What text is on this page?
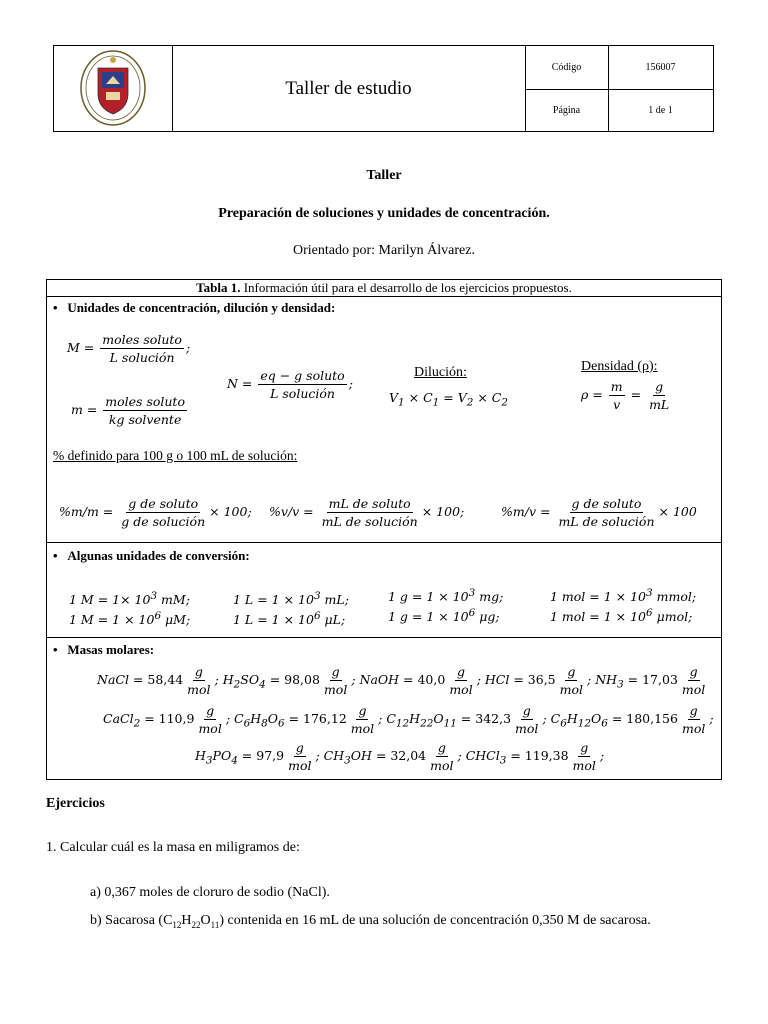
Taller de estudio
Código	156007
Página	1 de 1
Taller
Preparación de soluciones y unidades de concentración.
Orientado por: Marilyn Álvarez.
Tabla 1. Información útil para el desarrollo de los ejercicios propuestos.
•   Unidades de concentración, dilución y densidad:
$M = \frac{\text{moles soluto}}{\text{L solución}}$ ;
$m = \frac{\text{moles soluto}}{\text{kg solvente}}$
$N = \frac{\text{eq − g soluto}}{\text{L solución}}$ ;
Dilución:
$V_1 \times C_1 = V_2 \times C_2$
Densidad (ρ):
$\rho = \frac{m}{v} = \frac{g}{mL}$
% definido para 100 g o 100 mL de solución:
$\%m/m = \frac{\text{g de soluto}}{\text{g de solución}} \times 100$; $\%v/v = \frac{\text{mL de soluto}}{\text{mL de solución}} \times 100$;	$\%m/v = \frac{\text{g de soluto}}{\text{mL de solución}} \times 100$
•   Algunas unidades de conversión:
1 $M = 1\times 10^3$ mM;
1 $M = 1 \times 10^6$ μM;
1 $L = 1 \times 10^3$ mL;
1 $L = 1 \times 10^6$ μL;
1 $g = 1 \times 10^3$ mg;
1 $g = 1 \times 10^6$ μg;
1 mol = $1 \times 10^3$ mmol;
1 mol = $1 \times 10^6$ μmol;
•   Masas molares:
NaCl = $58,44 \frac{g}{\text{mol}}$ ; $H_2SO_4 = 98,08 \frac{g}{\text{mol}}$ ; NaOH = $40,0 \frac{g}{\text{mol}}$ ; HCl = $36,5 \frac{g}{\text{mol}}$ ; $NH_3 = 17,03 \frac{g}{\text{mol}}$
CaCl$_2$ = $110,9 \frac{g}{\text{mol}}$ ; $C_6H_8O_6 = 176,12 \frac{g}{\text{mol}}$ ; $C_{12}H_{22}O_{11} = 342,3 \frac{g}{\text{mol}}$ ; $C_6H_{12}O_6 = 180,156 \frac{g}{\text{mol}}$ ;
$H_3PO_4 = 97,9 \frac{g}{\text{mol}}$ ; $CH_3OH = 32,04 \frac{g}{\text{mol}}$ ; CHCl$_3$ = $119,38 \frac{g}{\text{mol}}$ ;
Ejercicios
1. Calcular cuál es la masa en miligramos de:
a) 0,367 moles de cloruro de sodio (NaCl).
b) Sacarosa $(C_{12}H_{22}O_{11})$ contenida en 16 mL de una solución de concentración 0,350 M de sacarosa.
